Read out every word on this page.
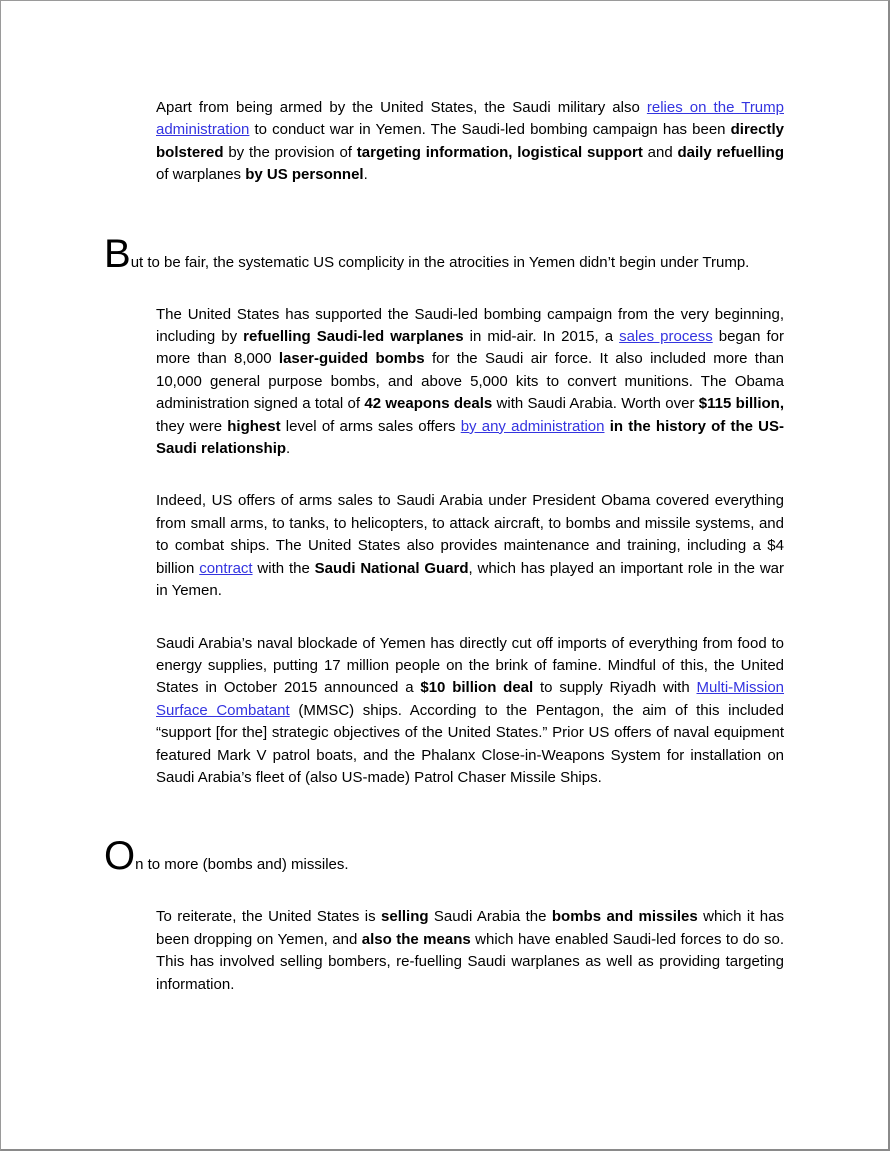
Apart from being armed by the United States, the Saudi military also relies on the Trump administration to conduct war in Yemen. The Saudi-led bombing campaign has been directly bolstered by the provision of targeting information, logistical support and daily refuelling of warplanes by US personnel.

But to be fair, the systematic US complicity in the atrocities in Yemen didn’t begin under Trump.

The United States has supported the Saudi-led bombing campaign from the very beginning, including by refuelling Saudi-led warplanes in mid-air. In 2015, a sales process began for more than 8,000 laser-guided bombs for the Saudi air force. It also included more than 10,000 general purpose bombs, and above 5,000 kits to convert munitions. The Obama administration signed a total of 42 weapons deals with Saudi Arabia. Worth over $115 billion, they were highest level of arms sales offers by any administration in the history of the US-Saudi relationship.

Indeed, US offers of arms sales to Saudi Arabia under President Obama covered everything from small arms, to tanks, to helicopters, to attack aircraft, to bombs and missile systems, and to combat ships. The United States also provides maintenance and training, including a $4 billion contract with the Saudi National Guard, which has played an important role in the war in Yemen.

Saudi Arabia’s naval blockade of Yemen has directly cut off imports of everything from food to energy supplies, putting 17 million people on the brink of famine. Mindful of this, the United States in October 2015 announced a $10 billion deal to supply Riyadh with Multi-Mission Surface Combatant (MMSC) ships. According to the Pentagon, the aim of this included “support [for the] strategic objectives of the United States.” Prior US offers of naval equipment featured Mark V patrol boats, and the Phalanx Close-in-Weapons System for installation on Saudi Arabia’s fleet of (also US-made) Patrol Chaser Missile Ships.

On to more (bombs and) missiles.

To reiterate, the United States is selling Saudi Arabia the bombs and missiles which it has been dropping on Yemen, and also the means which have enabled Saudi-led forces to do so. This has involved selling bombers, re-fuelling Saudi warplanes as well as providing targeting information.
